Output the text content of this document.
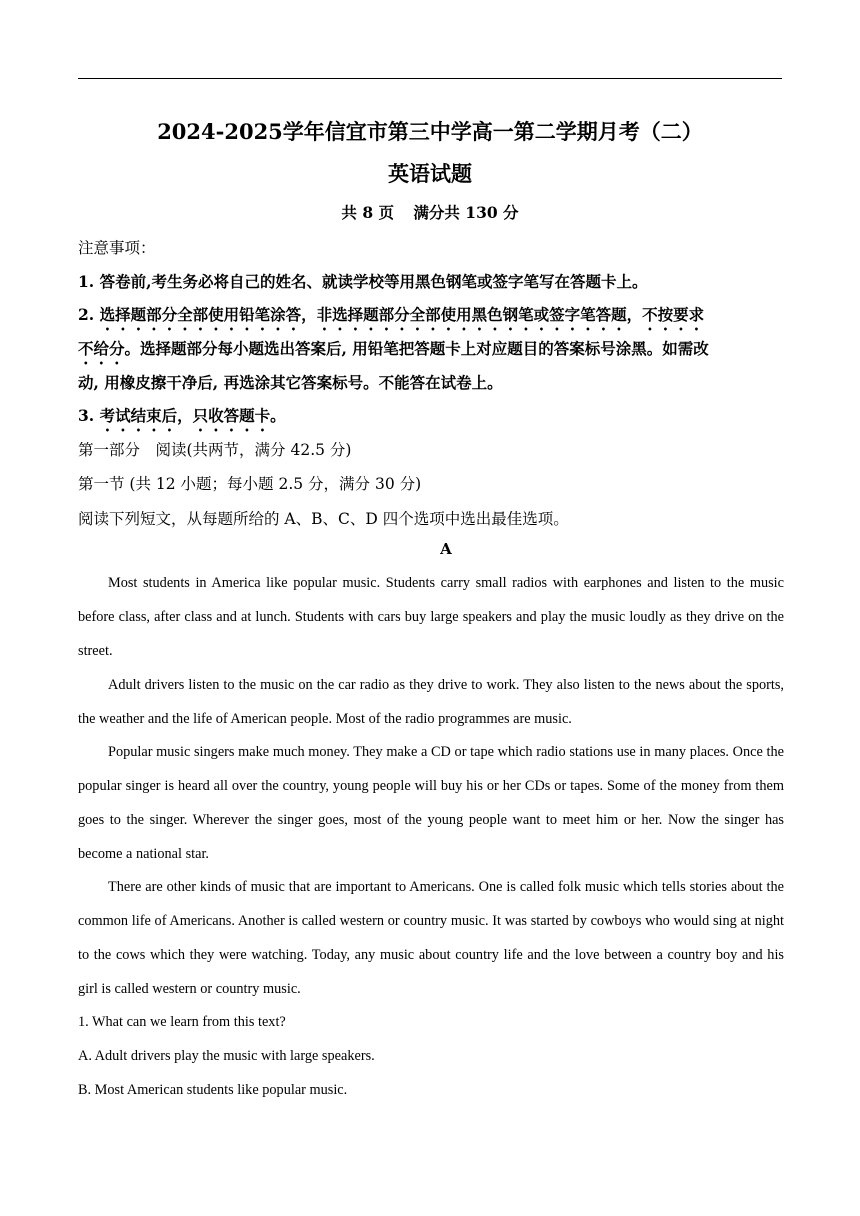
2024-2025学年信宜市第三中学高一第二学期月考（二）
英语试题
共 8 页 满分共 130 分
注意事项：
1. 答卷前,考生务必将自己的姓名、就读学校等用黑色钢笔或签字笔写在答题卡上。
2. 选择题部分全部使用铅笔涂答，非选择题部分全部使用黑色钢笔或签字笔答题，不按要求
不给分。选择题部分每小题选出答案后, 用铅笔把答题卡上对应题目的答案标号涂黑。如需改
动, 用橡皮擦干净后, 再选涂其它答案标号。不能答在试卷上。
3. 考试结束后，只收答题卡。
第一部分　阅读(共两节，满分 42.5 分)
第一节 (共 12 小题；每小题 2.5 分，满分 30 分)
阅读下列短文，从每题所给的 A、B、C、D 四个选项中选出最佳选项。
A

Most students in America like popular music. Students carry small radios with earphones and listen to the music before class, after class and at lunch. Students with cars buy large speakers and play the music loudly as they drive on the street.

Adult drivers listen to the music on the car radio as they drive to work. They also listen to the news about the sports, the weather and the life of American people. Most of the radio programmes are music.

Popular music singers make much money. They make a CD or tape which radio stations use in many places. Once the popular singer is heard all over the country, young people will buy his or her CDs or tapes. Some of the money from them goes to the singer. Wherever the singer goes, most of the young people want to meet him or her. Now the singer has become a national star.

There are other kinds of music that are important to Americans. One is called folk music which tells stories about the common life of Americans. Another is called western or country music. It was started by cowboys who would sing at night to the cows which they were watching. Today, any music about country life and the love between a country boy and his girl is called western or country music.

1. What can we learn from this text?
A. Adult drivers play the music with large speakers.
B. Most American students like popular music.
